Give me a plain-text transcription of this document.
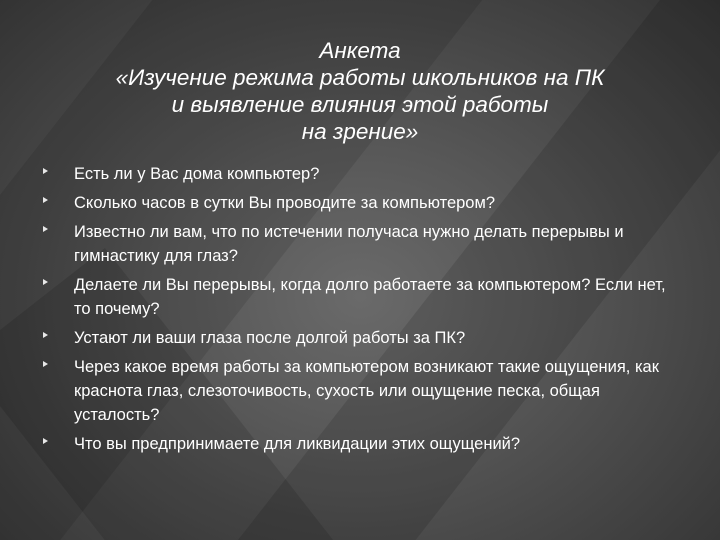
Анкета
«Изучение режима работы школьников на ПК
и выявление влияния этой работы
на зрение»
Есть ли у Вас дома компьютер?
Сколько часов в сутки Вы проводите за компьютером?
Известно ли вам, что по истечении получаса нужно делать перерывы и гимнастику для глаз?
Делаете ли Вы перерывы, когда долго работаете за компьютером? Если нет, то почему?
Устают ли ваши глаза после долгой работы за ПК?
Через какое время работы за компьютером возникают такие ощущения, как краснота глаз, слезоточивость, сухость или ощущение песка, общая усталость?
Что вы предпринимаете для ликвидации этих ощущений?
